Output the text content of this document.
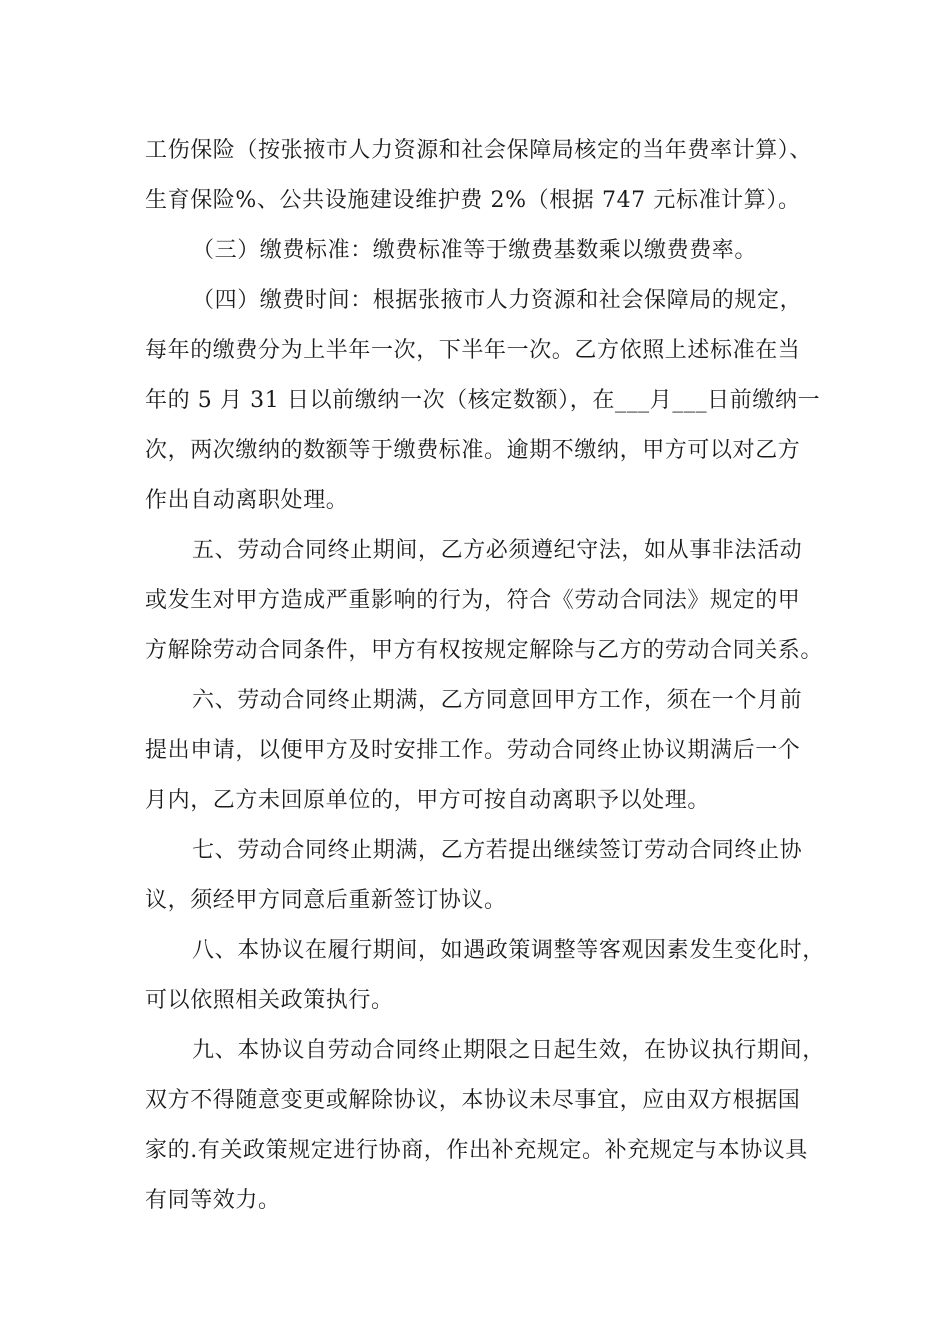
工伤保险（按张掖市人力资源和社会保障局核定的当年费率计算）、
生育保险%、公共设施建设维护费 2%（根据 747 元标准计算）。
（三）缴费标准：缴费标准等于缴费基数乘以缴费费率。
（四）缴费时间：根据张掖市人力资源和社会保障局的规定，
每年的缴费分为上半年一次，下半年一次。乙方依照上述标准在当
年的 5 月 31 日以前缴纳一次（核定数额），在___月___日前缴纳一
次，两次缴纳的数额等于缴费标准。逾期不缴纳，甲方可以对乙方
作出自动离职处理。
五、劳动合同终止期间，乙方必须遵纪守法，如从事非法活动
或发生对甲方造成严重影响的行为，符合《劳动合同法》规定的甲
方解除劳动合同条件，甲方有权按规定解除与乙方的劳动合同关系。
六、劳动合同终止期满，乙方同意回甲方工作，须在一个月前
提出申请，以便甲方及时安排工作。劳动合同终止协议期满后一个
月内，乙方未回原单位的，甲方可按自动离职予以处理。
七、劳动合同终止期满，乙方若提出继续签订劳动合同终止协
议，须经甲方同意后重新签订协议。
八、本协议在履行期间，如遇政策调整等客观因素发生变化时，
可以依照相关政策执行。
九、本协议自劳动合同终止期限之日起生效，在协议执行期间，
双方不得随意变更或解除协议，本协议未尽事宜，应由双方根据国
家的.有关政策规定进行协商，作出补充规定。补充规定与本协议具
有同等效力。
